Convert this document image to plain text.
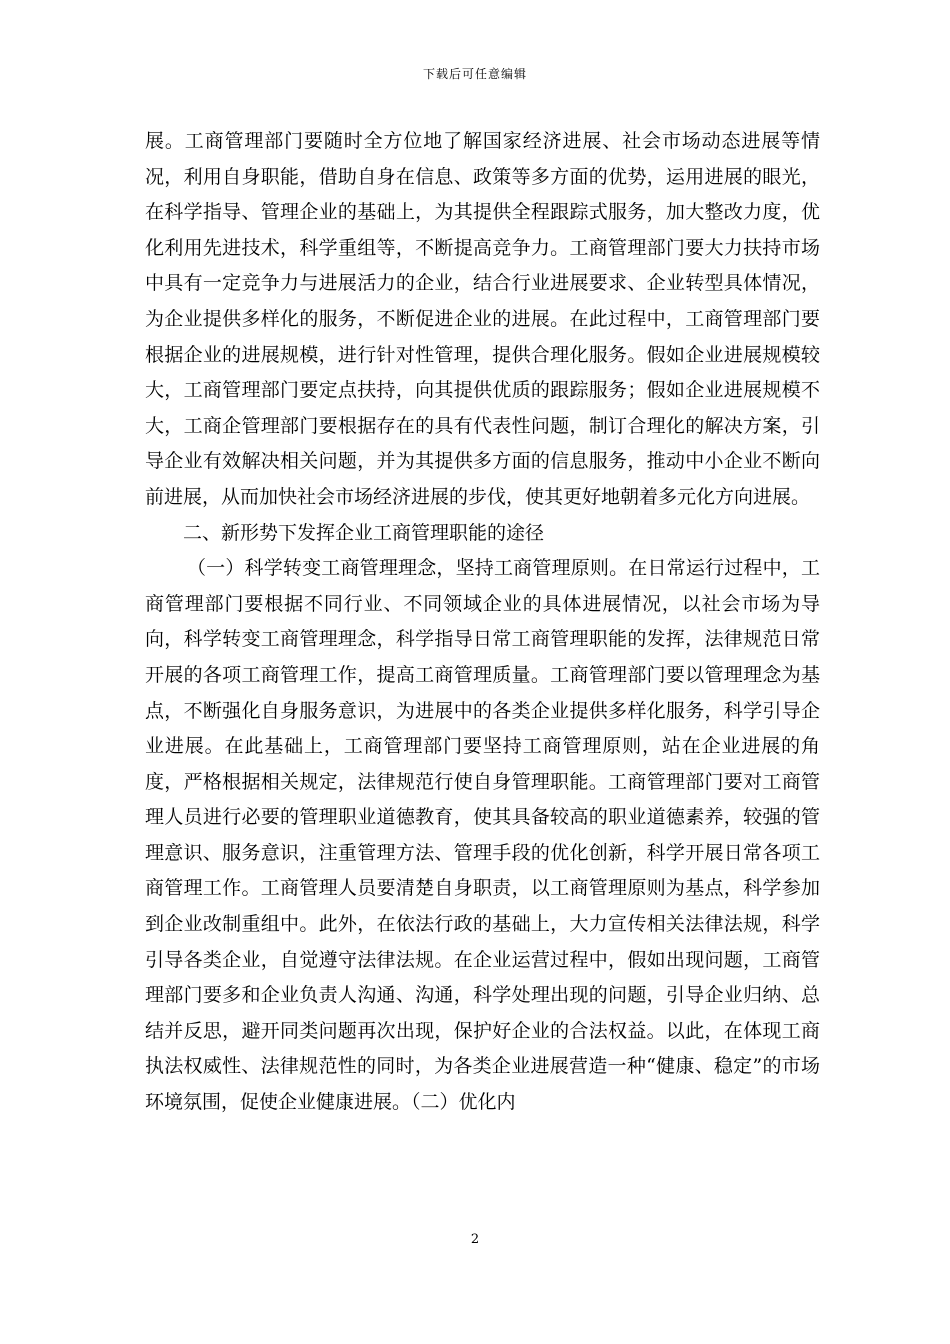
下载后可任意编辑

展。工商管理部门要随时全方位地了解国家经济进展、社会市场动态进展等情况，利用自身职能，借助自身在信息、政策等多方面的优势，运用进展的眼光，在科学指导、管理企业的基础上，为其提供全程跟踪式服务，加大整改力度，优化利用先进技术，科学重组等，不断提高竞争力。工商管理部门要大力扶持市场中具有一定竞争力与进展活力的企业，结合行业进展要求、企业转型具体情况，为企业提供多样化的服务，不断促进企业的进展。在此过程中，工商管理部门要根据企业的进展规模，进行针对性管理，提供合理化服务。假如企业进展规模较大，工商管理部门要定点扶持，向其提供优质的跟踪服务；假如企业进展规模不大，工商企管理部门要根据存在的具有代表性问题，制订合理化的解决方案，引导企业有效解决相关问题，并为其提供多方面的信息服务，推动中小企业不断向前进展，从而加快社会市场经济进展的步伐，使其更好地朝着多元化方向进展。

二、新形势下发挥企业工商管理职能的途径

（一）科学转变工商管理理念，坚持工商管理原则。在日常运行过程中，工商管理部门要根据不同行业、不同领域企业的具体进展情况，以社会市场为导向，科学转变工商管理理念，科学指导日常工商管理职能的发挥，法律规范日常开展的各项工商管理工作，提高工商管理质量。工商管理部门要以管理理念为基点，不断强化自身服务意识，为进展中的各类企业提供多样化服务，科学引导企业进展。在此基础上，工商管理部门要坚持工商管理原则，站在企业进展的角度，严格根据相关规定，法律规范行使自身管理职能。工商管理部门要对工商管理人员进行必要的管理职业道德教育，使其具备较高的职业道德素养，较强的管理意识、服务意识，注重管理方法、管理手段的优化创新，科学开展日常各项工商管理工作。工商管理人员要清楚自身职责，以工商管理原则为基点，科学参加到企业改制重组中。此外，在依法行政的基础上，大力宣传相关法律法规，科学引导各类企业，自觉遵守法律法规。在企业运营过程中，假如出现问题，工商管理部门要多和企业负责人沟通、沟通，科学处理出现的问题，引导企业归纳、总结并反思，避开同类问题再次出现，保护好企业的合法权益。以此，在体现工商执法权威性、法律规范性的同时，为各类企业进展营造一种“健康、稳定”的市场环境氛围，促使企业健康进展。（二）优化内

2
